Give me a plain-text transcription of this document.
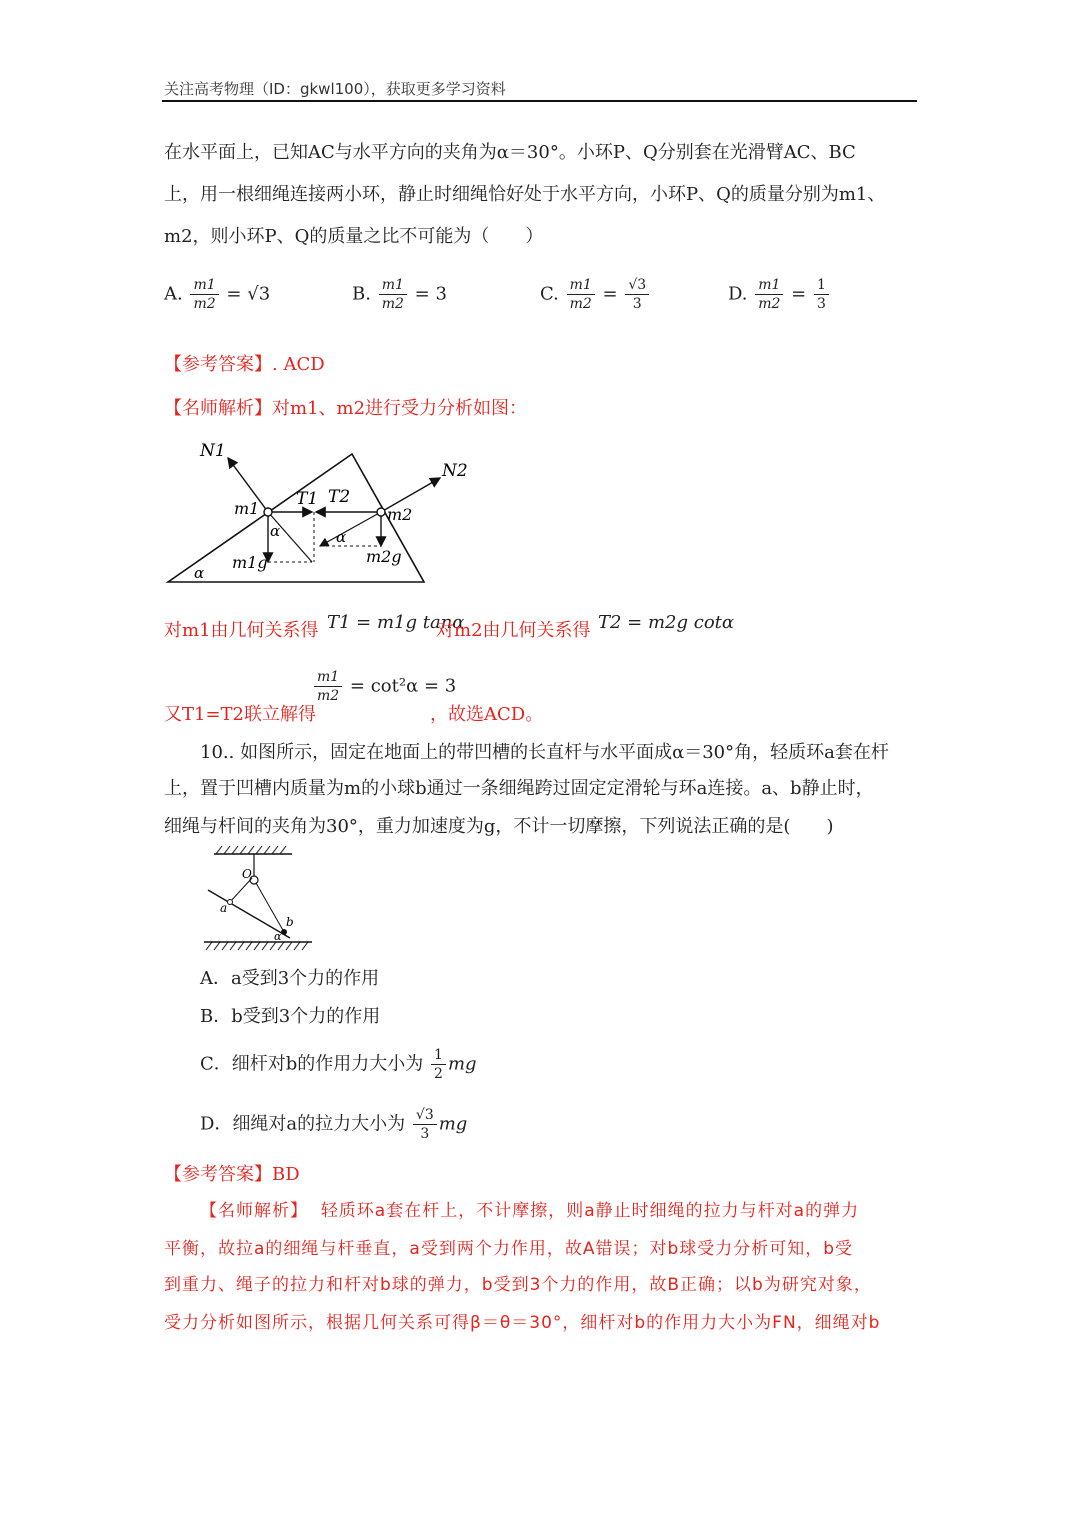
关注高考物理（ID：gkwl100），获取更多学习资料
在水平面上，已知AC与水平方向的夹角为α＝30°。小环P、Q分别套在光滑臂AC、BC
上，用一根细绳连接两小环，静止时细绳恰好处于水平方向，小环P、Q的质量分别为m1、
m2，则小环P、Q的质量之比不可能为（　　）
A. $\frac{m1}{m2} = √3$	B. $\frac{m1}{m2} = 3$	C. $\frac{m1}{m2} = \frac{√3}{3}$	D. $\frac{m1}{m2} = \frac{1}{3}$
【参考答案】. ACD
【名师解析】对m1、m2进行受力分析如图：
N1
N2
m1	m2
T1 T2
α	α
α
m1g	m2g
对m1由几何关系得 T1 = m1g tanα
对m2由几何关系得 T2 = m2g cotα
又T1=T2联立解得
$\frac{m1}{m2} = \cot^2\alpha = 3$
，故选ACD。
10.. 如图所示，固定在地面上的带凹槽的长直杆与水平面成α＝30°角，轻质环a套在杆
上，置于凹槽内质量为m的小球b通过一条细绳跨过固定定滑轮与环a连接。a、b静止时，
细绳与杆间的夹角为30°，重力加速度为g，不计一切摩擦，下列说法正确的是(　　)
O
a
b
α
A．a受到3个力的作用
B．b受到3个力的作用
C．细杆对b的作用力大小为 $\frac{1}{2}$ mg
D．细绳对a的拉力大小为 $\frac{√3}{3}$ mg
【参考答案】BD
【名师解析】 轻质环a套在杆上，不计摩擦，则a静止时细绳的拉力与杆对a的弹力
平衡，故拉a的细绳与杆垂直，a受到两个力作用，故A错误；对b球受力分析可知，b受
到重力、绳子的拉力和杆对b球的弹力，b受到3个力的作用，故B正确；以b为研究对象，
受力分析如图所示，根据几何关系可得β＝θ＝30°，细杆对b的作用力大小为FN，细绳对b
